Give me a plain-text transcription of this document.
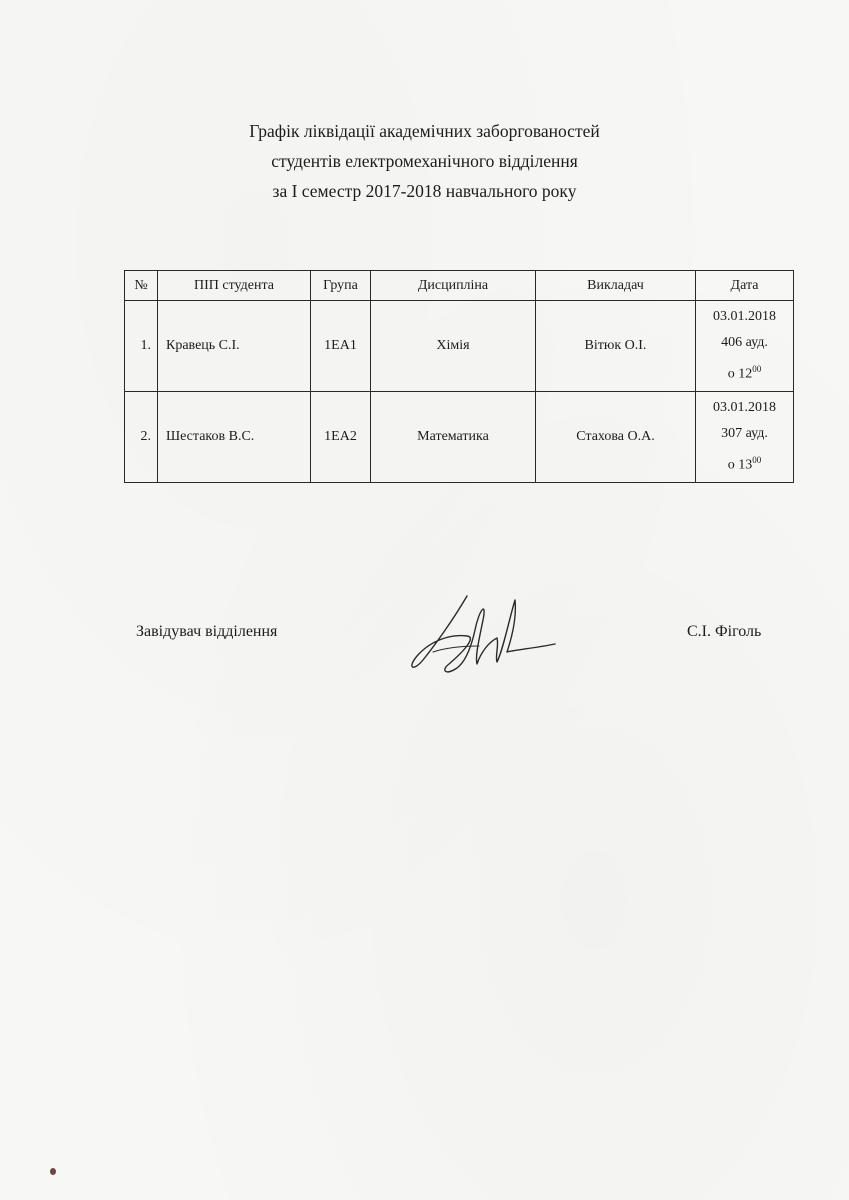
Графік ліквідації академічних заборгованостей
студентів електромеханічного відділення
за І семестр 2017-2018 навчального року
№	ПІП студента	Група	Дисципліна	Викладач	Дата
1.	Кравець С.І.	1ЕА1	Хімія	Вітюк О.І.	03.01.2018
406 ауд.
о $12^{00}$

2.	Шестаков В.С.	1ЕА2	Математика	Стахова О.А.	03.01.2018
307 ауд.
о $13^{00}$
Завідувач відділення	С.І. Фіголь
